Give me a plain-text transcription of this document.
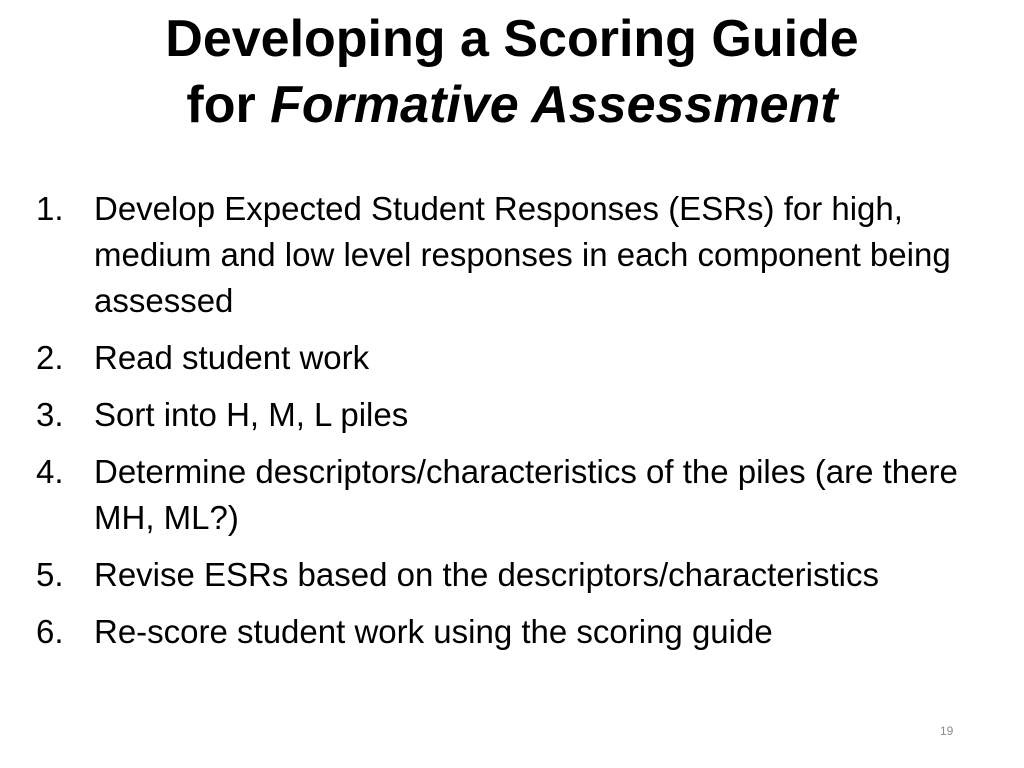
Developing a Scoring Guide
for Formative Assessment
1. Develop Expected Student Responses (ESRs) for high, medium and low level responses in each component being assessed
2. Read student work
3. Sort into H, M, L piles
4. Determine descriptors/characteristics of the piles (are there MH, ML?)
5. Revise ESRs based on the descriptors/characteristics
6. Re-score student work using the scoring guide
19
